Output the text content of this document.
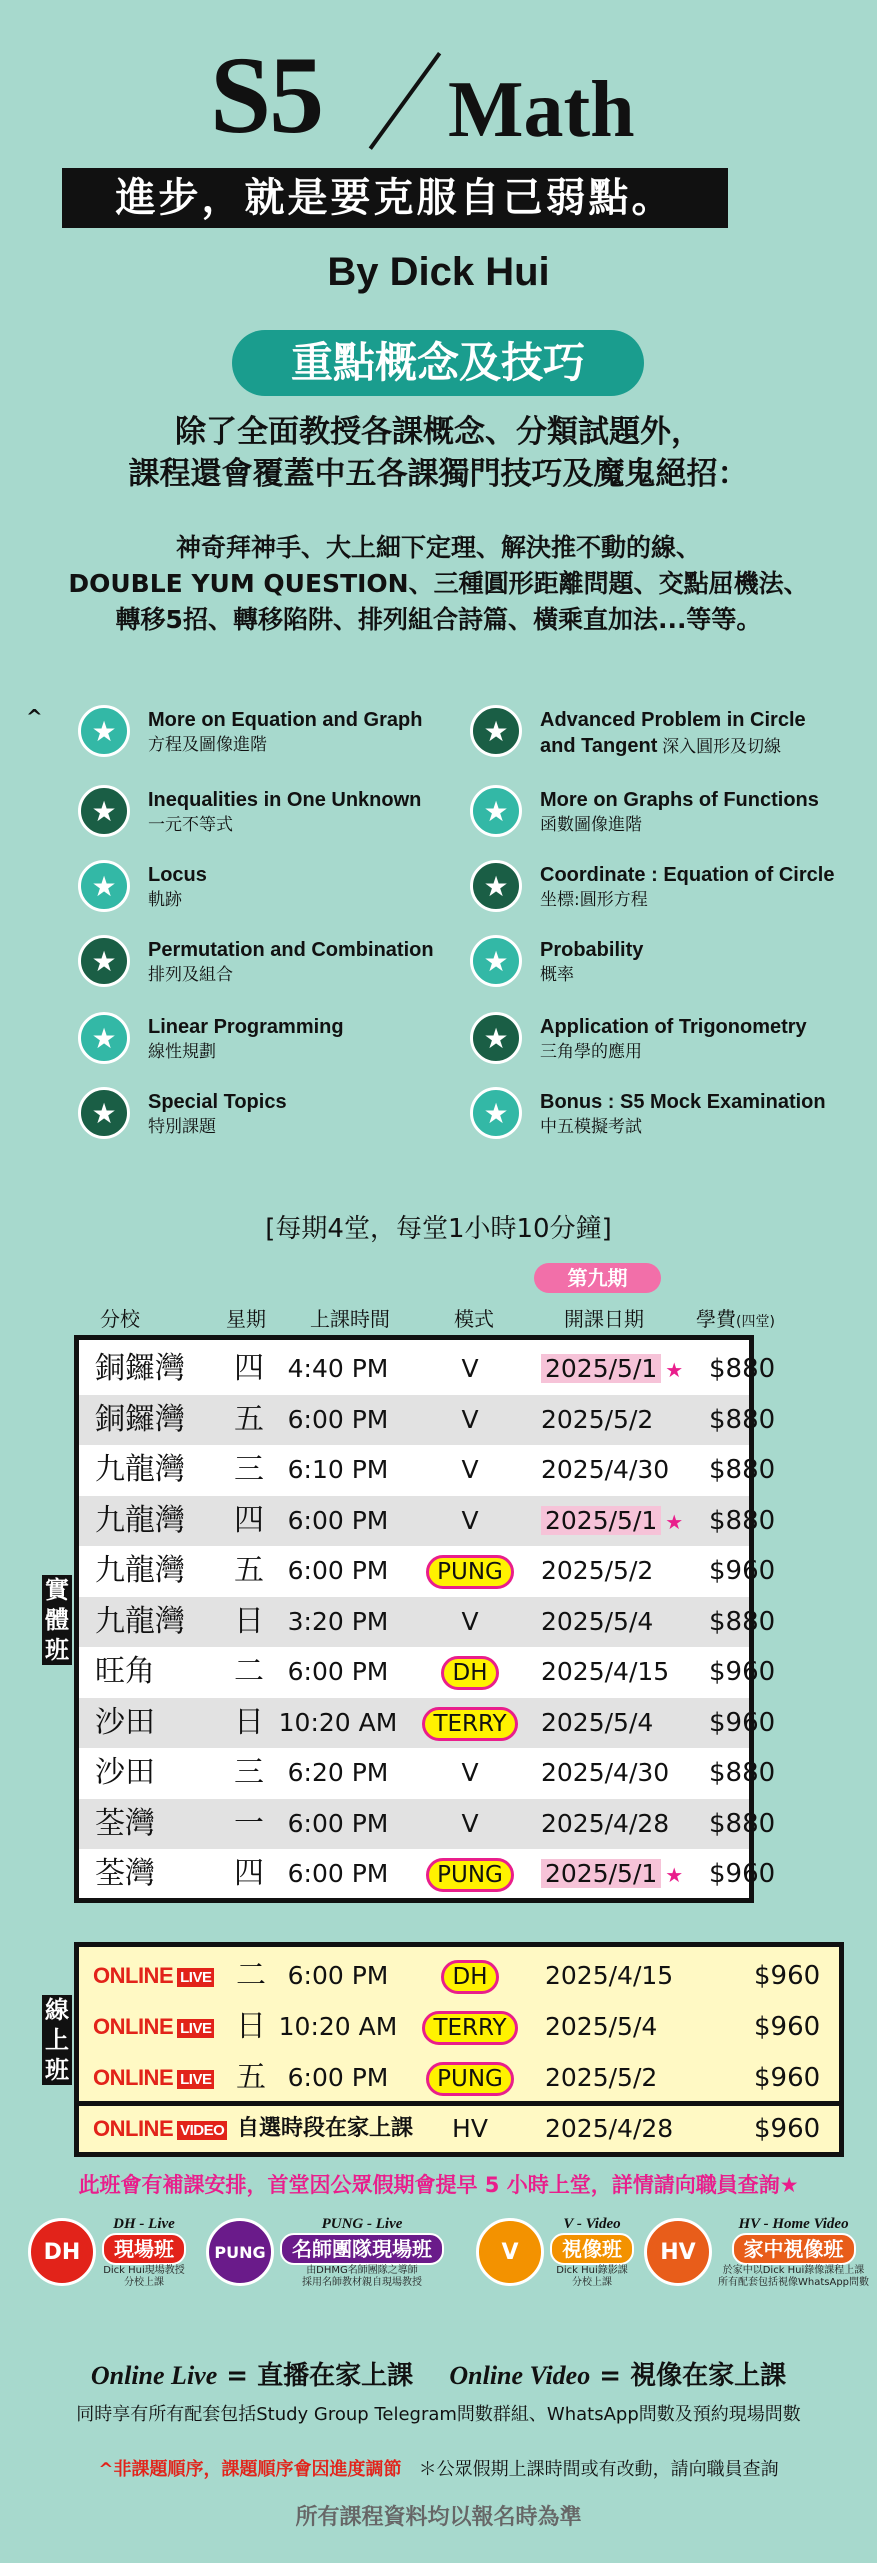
S5 Math
進步，就是要克服自己弱點。
By Dick Hui
重點概念及技巧
除了全面教授各課概念、分類試題外，
課程還會覆蓋中五各課獨門技巧及魔鬼絕招：
神奇拜神手、大上細下定理、解決推不動的線、
DOUBLE YUM QUESTION、三種圓形距離問題、交點屈機法、
轉移5招、轉移陷阱、排列組合詩篇、橫乘直加法...等等。
^	★	More on Equation and Graph
方程及圖像進階	★	Advanced Problem in Circle
and Tangent 深入圓形及切線
★	Inequalities in One Unknown
一元不等式	★	More on Graphs of Functions
函數圖像進階
★	Locus
軌跡	★	Coordinate : Equation of Circle
坐標:圓形方程
★	Permutation and Combination
排列及組合	★	Probability
概率
★	Linear Programming
線性規劃	★	Application of Trigonometry
三角學的應用
★	Special Topics
特別課題	★	Bonus : S5 Mock Examination
中五模擬考試
[每期4堂，每堂1小時10分鐘]
第九期
分校	星期 上課時間	模式	開課日期	學費(四堂)
實
體
班
銅鑼灣 四 4:40 PM	V	2025/5/1 ★ $880
銅鑼灣 五 6:00 PM	V	2025/5/2 $880
九龍灣 三 6:10 PM	V	2025/4/30 $880
九龍灣 四 6:00 PM	V	2025/5/1 ★ $880
九龍灣 五 6:00 PM	PUNG	2025/5/2 $960
九龍灣 日 3:20 PM	V	2025/5/4 $880
旺角	二 6:00 PM	DH	2025/4/15 $960
沙田	日 10:20 AM	TERRY	2025/5/4 $960
沙田	三 6:20 PM	V	2025/4/30 $880
荃灣	一 6:00 PM	V	2025/4/28 $880
荃灣	四 6:00 PM	PUNG	2025/5/1 ★ $960
線
上
班
ONLINE LIVE 二 6:00 PM	DH	2025/4/15	$960
ONLINE LIVE 日 10:20 AM	TERRY	2025/5/4	$960
ONLINE LIVE 五 6:00 PM	PUNG	2025/5/2	$960
ONLINE VIDEO 自選時段在家上課	HV	2025/4/28	$960
此班會有補課安排，首堂因公眾假期會提早 5 小時上堂，詳情請向職員查詢★
DH
DH - Live
現場班
Dick Hui現場教授
分校上課
PUNG
PUNG - Live
名師團隊現場班
由DHMG名師團隊之導師
採用名師教材親自現場教授
V
V - Video
視像班
Dick Hui錄影課
分校上課
HV
HV - Home Video
家中視像班
於家中以Dick Hui錄像課程上課
所有配套包括視像WhatsApp問數
Online Live = 直播在家上課 Online Video = 視像在家上課
同時享有所有配套包括Study Group Telegram問數群組、WhatsApp問數及預約現場問數
^非課題順序，課題順序會因進度調節 ＊公眾假期上課時間或有改動，請向職員查詢
所有課程資料均以報名時為準
